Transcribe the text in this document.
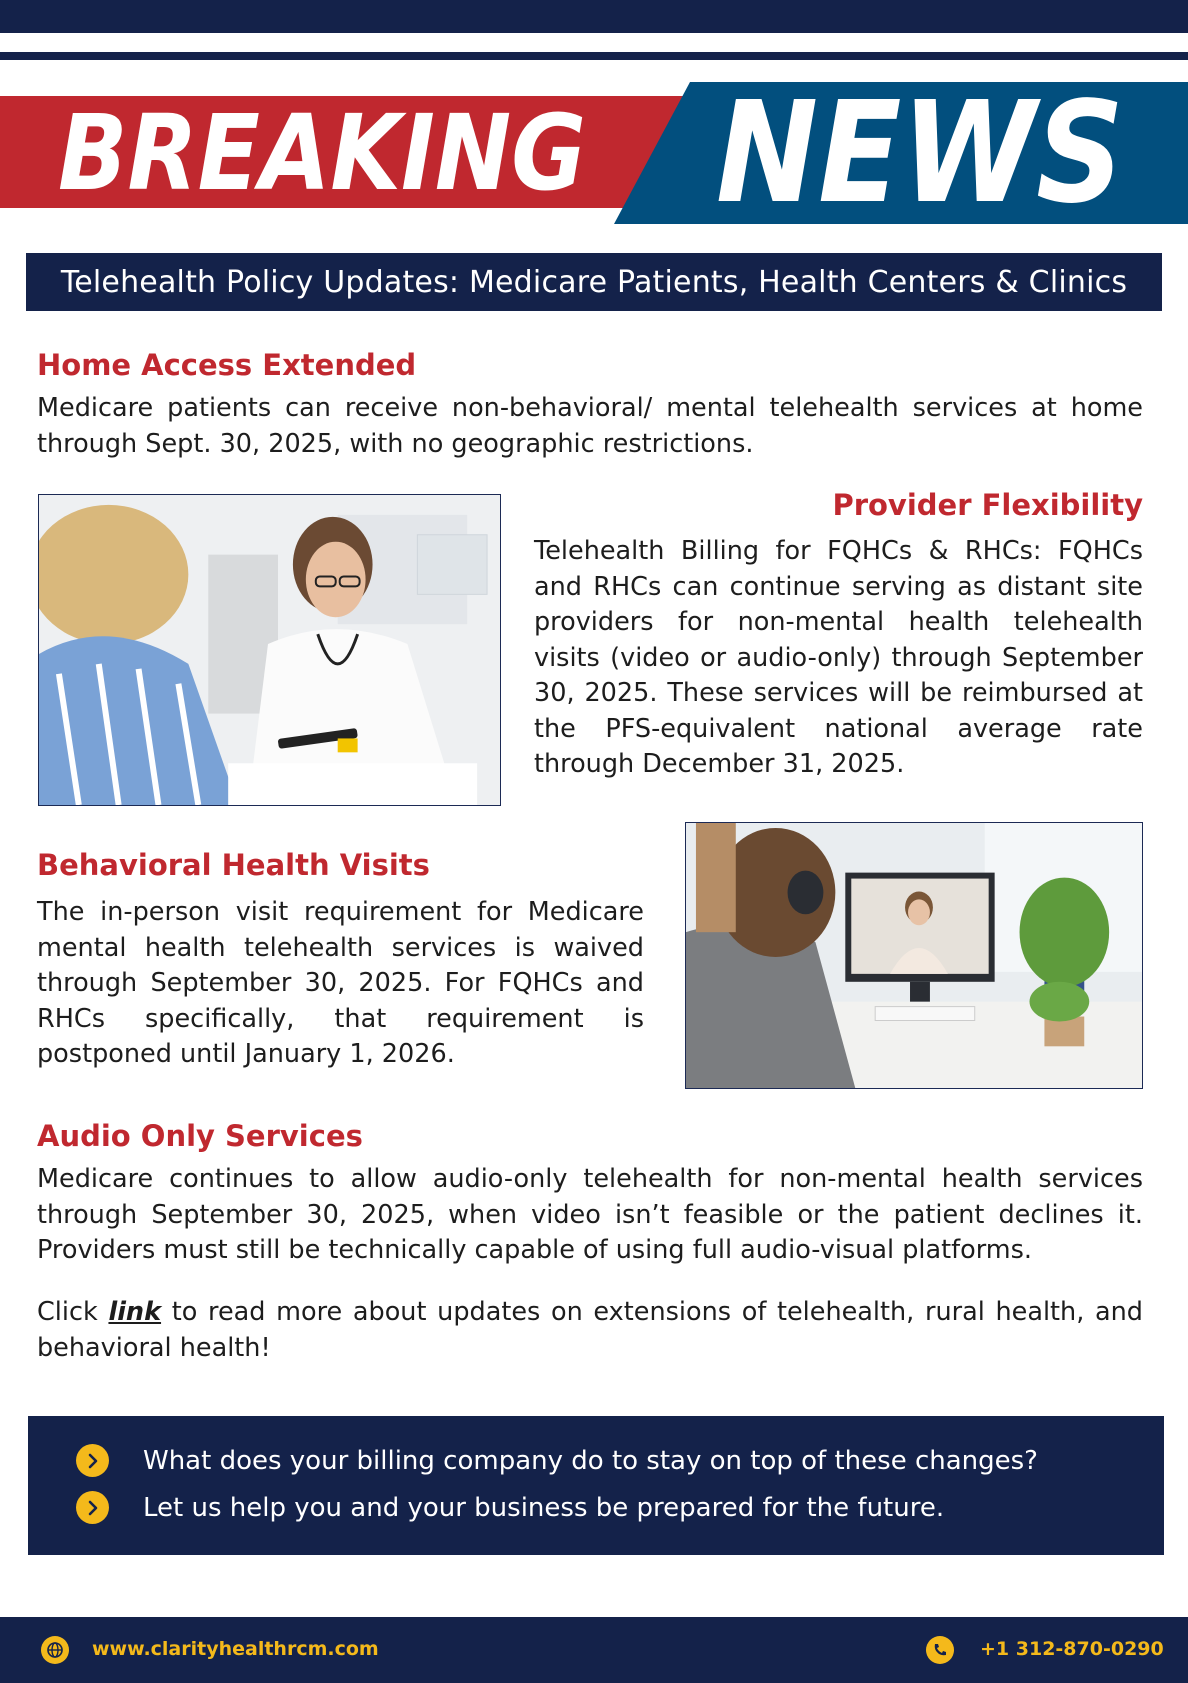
BREAKING NEWS
Telehealth Policy Updates: Medicare Patients, Health Centers & Clinics
Home Access Extended
Medicare patients can receive non-behavioral/ mental telehealth services at home through Sept. 30, 2025, with no geographic restrictions.
Provider Flexibility
Telehealth Billing for FQHCs & RHCs: FQHCs and RHCs can continue serving as distant site providers for non-mental health telehealth visits (video or audio-only) through September 30, 2025. These services will be reimbursed at the PFS-equivalent national average rate through December 31, 2025.
Behavioral Health Visits
The in-person visit requirement for Medicare mental health telehealth services is waived through September 30, 2025. For FQHCs and RHCs specifically, that requirement is postponed until January 1, 2026.
Audio Only Services
Medicare continues to allow audio-only telehealth for non-mental health services through September 30, 2025, when video isn’t feasible or the patient declines it. Providers must still be technically capable of using full audio-visual platforms.
Click link to read more about updates on extensions of telehealth, rural health, and behavioral health!
What does your billing company do to stay on top of these changes?
Let us help you and your business be prepared for the future.
www.clarityhealthrcm.com	+1 312-870-0290
